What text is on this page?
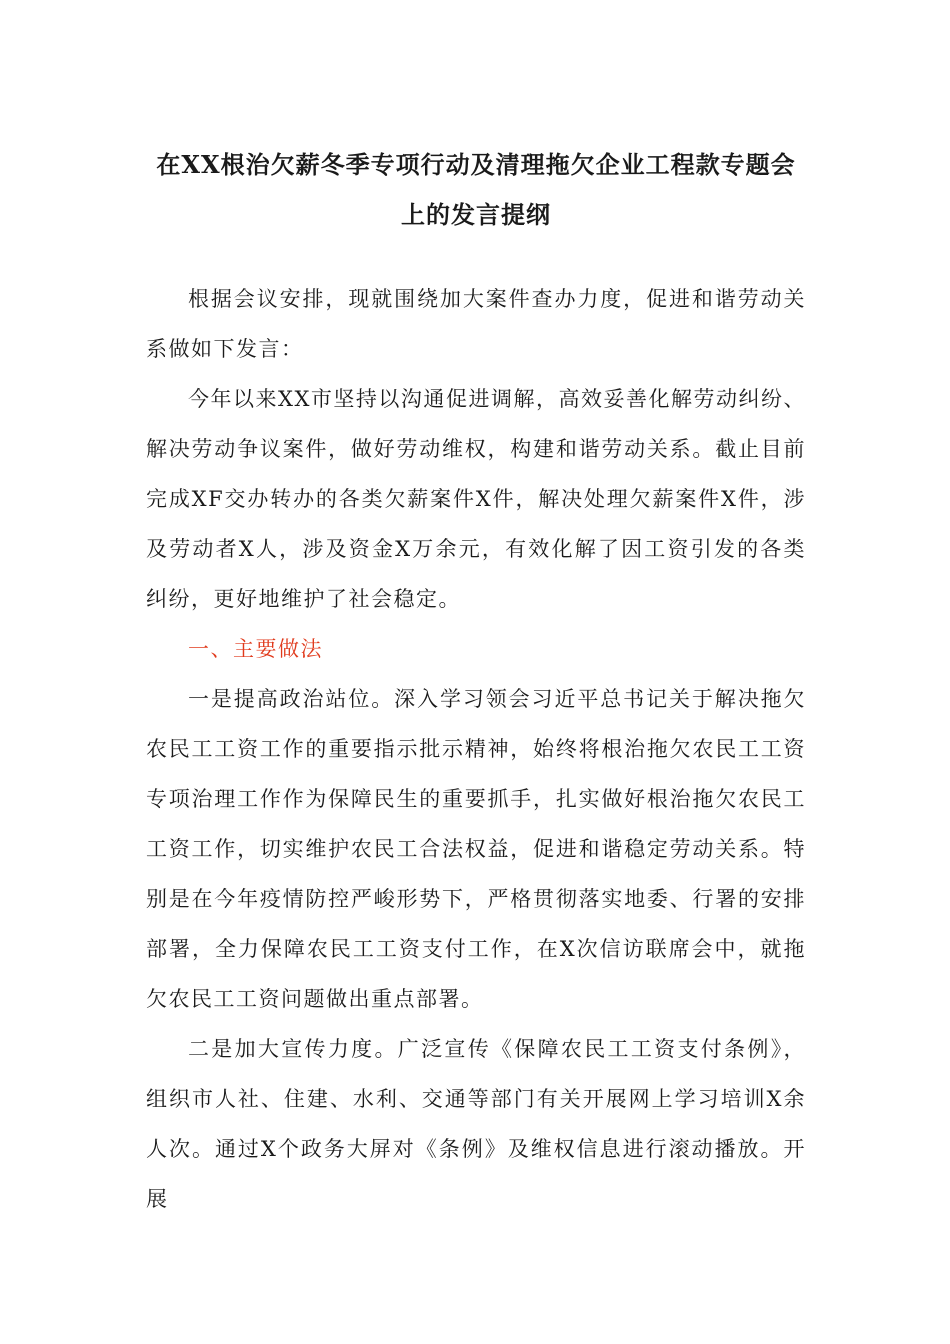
在XX根治欠薪冬季专项行动及清理拖欠企业工程款专题会上的发言提纲

根据会议安排，现就围绕加大案件查办力度，促进和谐劳动关系做如下发言：

今年以来XX市坚持以沟通促进调解，高效妥善化解劳动纠纷、解决劳动争议案件，做好劳动维权，构建和谐劳动关系。截止目前完成XF交办转办的各类欠薪案件X件，解决处理欠薪案件X件，涉及劳动者X人，涉及资金X万余元，有效化解了因工资引发的各类纠纷，更好地维护了社会稳定。

一、主要做法

一是提高政治站位。深入学习领会习近平总书记关于解决拖欠农民工工资工作的重要指示批示精神，始终将根治拖欠农民工工资专项治理工作作为保障民生的重要抓手，扎实做好根治拖欠农民工工资工作，切实维护农民工合法权益，促进和谐稳定劳动关系。特别是在今年疫情防控严峻形势下，严格贯彻落实地委、行署的安排部署，全力保障农民工工资支付工作，在X次信访联席会中，就拖欠农民工工资问题做出重点部署。

二是加大宣传力度。广泛宣传《保障农民工工资支付条例》，组织市人社、住建、水利、交通等部门有关开展网上学习培训X余人次。通过X个政务大屏对《条例》及维权信息进行滚动播放。开展
